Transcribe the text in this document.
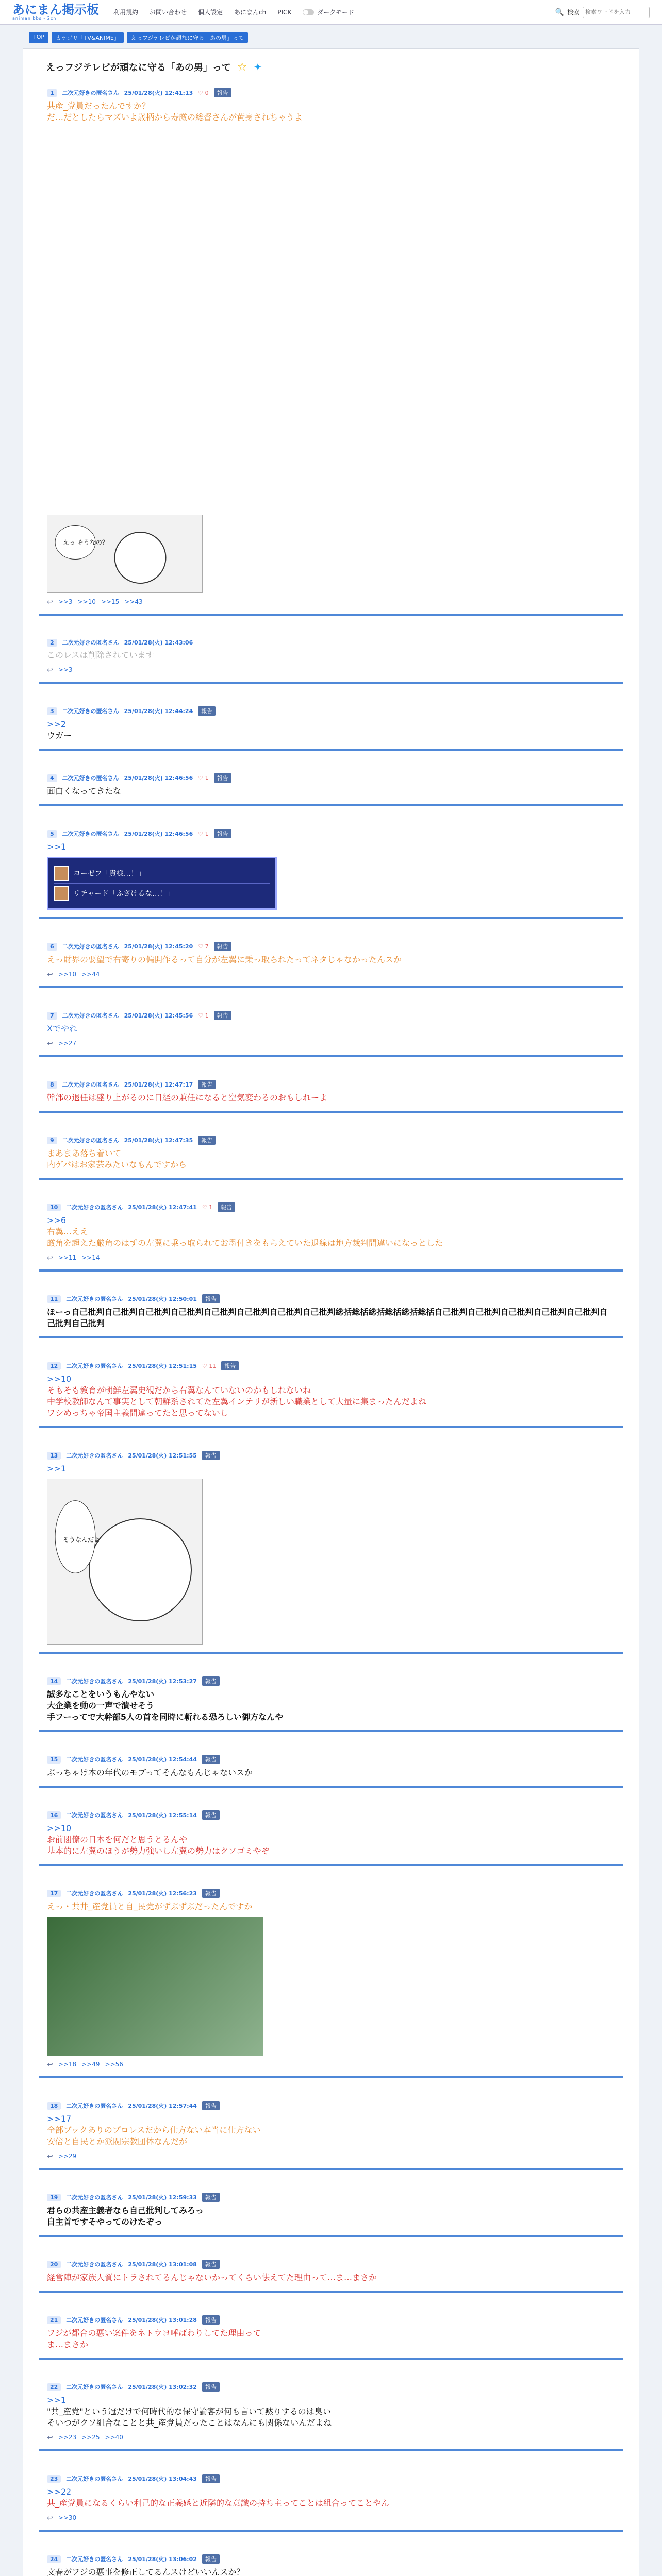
あにまん掲示板
animan bbs - 2ch
利用規約 お問い合わせ 個人設定 あにまんch PICK	ダークモード	🔍 検索
検索ワードを入力
TOP	カテゴリ「TV&ANIME」	えっフジテレビが頑なに守る「あの男」って
えっフジテレビが頑なに守る「あの男」って ☆ ✦
1	二次元好きの匿名さん 25/01/28(火) 12:41:13 ♡ 0	報告
共産_党員だったんですか？
だ…だとしたらマズいよ歳柄から寿厳の総督さんが黄身されちゃうよ
えっ そうなの？
↩ >>3 >>10 >>15 >>43
2	二次元好きの匿名さん 25/01/28(火) 12:43:06
このレスは削除されています
↩ >>3
3	二次元好きの匿名さん 25/01/28(火) 12:44:24	報告
>>2
ウガー
4	二次元好きの匿名さん 25/01/28(火) 12:46:56 ♡ 1	報告
面白くなってきたな
5	二次元好きの匿名さん 25/01/28(火) 12:46:56 ♡ 1	報告
>>1
ヨーゼフ「貴様…！」
リチャード「ふざけるな…！」
6	二次元好きの匿名さん 25/01/28(火) 12:45:20 ♡ 7	報告
えっ財界の要望で右寄りの偏開作るって自分が左翼に乗っ取られたってネタじゃなかったんスか
↩ >>10 >>44
7	二次元好きの匿名さん 25/01/28(火) 12:45:56 ♡ 1	報告
Xでやれ
↩ >>27
8	二次元好きの匿名さん 25/01/28(火) 12:47:17	報告
幹部の退任は盛り上がるのに日経の兼任になると空気変わるのおもしれーよ
9	二次元好きの匿名さん 25/01/28(火) 12:47:35	報告
まあまあ落ち着いて
内ゲバはお家芸みたいなもんですから
10	二次元好きの匿名さん 25/01/28(火) 12:47:41 ♡ 1	報告
>>6
右翼…ええ
厳角を超えた厳角のはずの左翼に乗っ取られてお墨付きをもらえていた退線は地方裁判間違いになっとした
↩ >>11 >>14
11	二次元好きの匿名さん 25/01/28(火) 12:50:01	報告
ほーっ自己批判自己批判自己批判自己批判自己批判自己批判自己批判自己批判総括総括総括総括総括総括自己批判自己批判自己批判自己批判自己批判自己批判自己批判
12	二次元好きの匿名さん 25/01/28(火) 12:51:15 ♡ 11	報告
>>10
そもそも教育が朝鮮左翼史観だから右翼なんていないのかもしれないね
中学校教師なんて事実として朝鮮系されてた左翼インテリが新しい職業として大量に集まったんだよね
ワシめっちゃ帝国主義間違ってたと思ってないし
13	二次元好きの匿名さん 25/01/28(火) 12:51:55	報告
>>1
そうなんだよ
14	二次元好きの匿名さん 25/01/28(火) 12:53:27	報告
誠多なことをいうもんやない
大企業を動の一声で潰せそう
手フーってで大幹部5人の首を同時に斬れる恐ろしい御方なんや
15	二次元好きの匿名さん 25/01/28(火) 12:54:44	報告
ぶっちゃけ本の年代のモブってそんなもんじゃないスか
16	二次元好きの匿名さん 25/01/28(火) 12:55:14	報告
>>10
お前閣僚の日本を何だと思うとるんや
基本的に左翼のほうが勢力強いし左翼の勢力はクソゴミやぞ
17	二次元好きの匿名さん 25/01/28(火) 12:56:23	報告
えっ・共井_産党員と自_民党がずぶずぶだったんですか
↩ >>18 >>49 >>56
18	二次元好きの匿名さん 25/01/28(火) 12:57:44	報告
>>17
全部ブックありのプロレスだから仕方ない本当に仕方ない
安倍と自民とか派閥宗教団体なんだが
↩ >>29
19	二次元好きの匿名さん 25/01/28(火) 12:59:33	報告
君らの共産主義者なら自己批判してみろっ
自主首ですそやってのけたぞっ
20	二次元好きの匿名さん 25/01/28(火) 13:01:08	報告
経営陣が家族人質にトラされてるんじゃないかってくらい怯えてた理由って…ま…まさか
21	二次元好きの匿名さん 25/01/28(火) 13:01:28	報告
フジが都合の悪い案件をネトウヨ呼ばわりしてた理由って
ま…まさか
22	二次元好きの匿名さん 25/01/28(火) 13:02:32	報告
>>1
"共_産党"という冠だけで何時代的な保守論客が何も言いて黙りするのは臭い
そいつがクソ組合なことと共_産党員だったことはなんにも関係ないんだよね
↩ >>23 >>25 >>40
23	二次元好きの匿名さん 25/01/28(火) 13:04:43	報告
>>22
共_産党員になるくらい利己的な正義感と近隣的な意識の持ち主ってことは組合ってことやん
↩ >>30
24	二次元好きの匿名さん 25/01/28(火) 13:06:02	報告
文春がフジの悪事を修正してるんスけどいいんスか？
